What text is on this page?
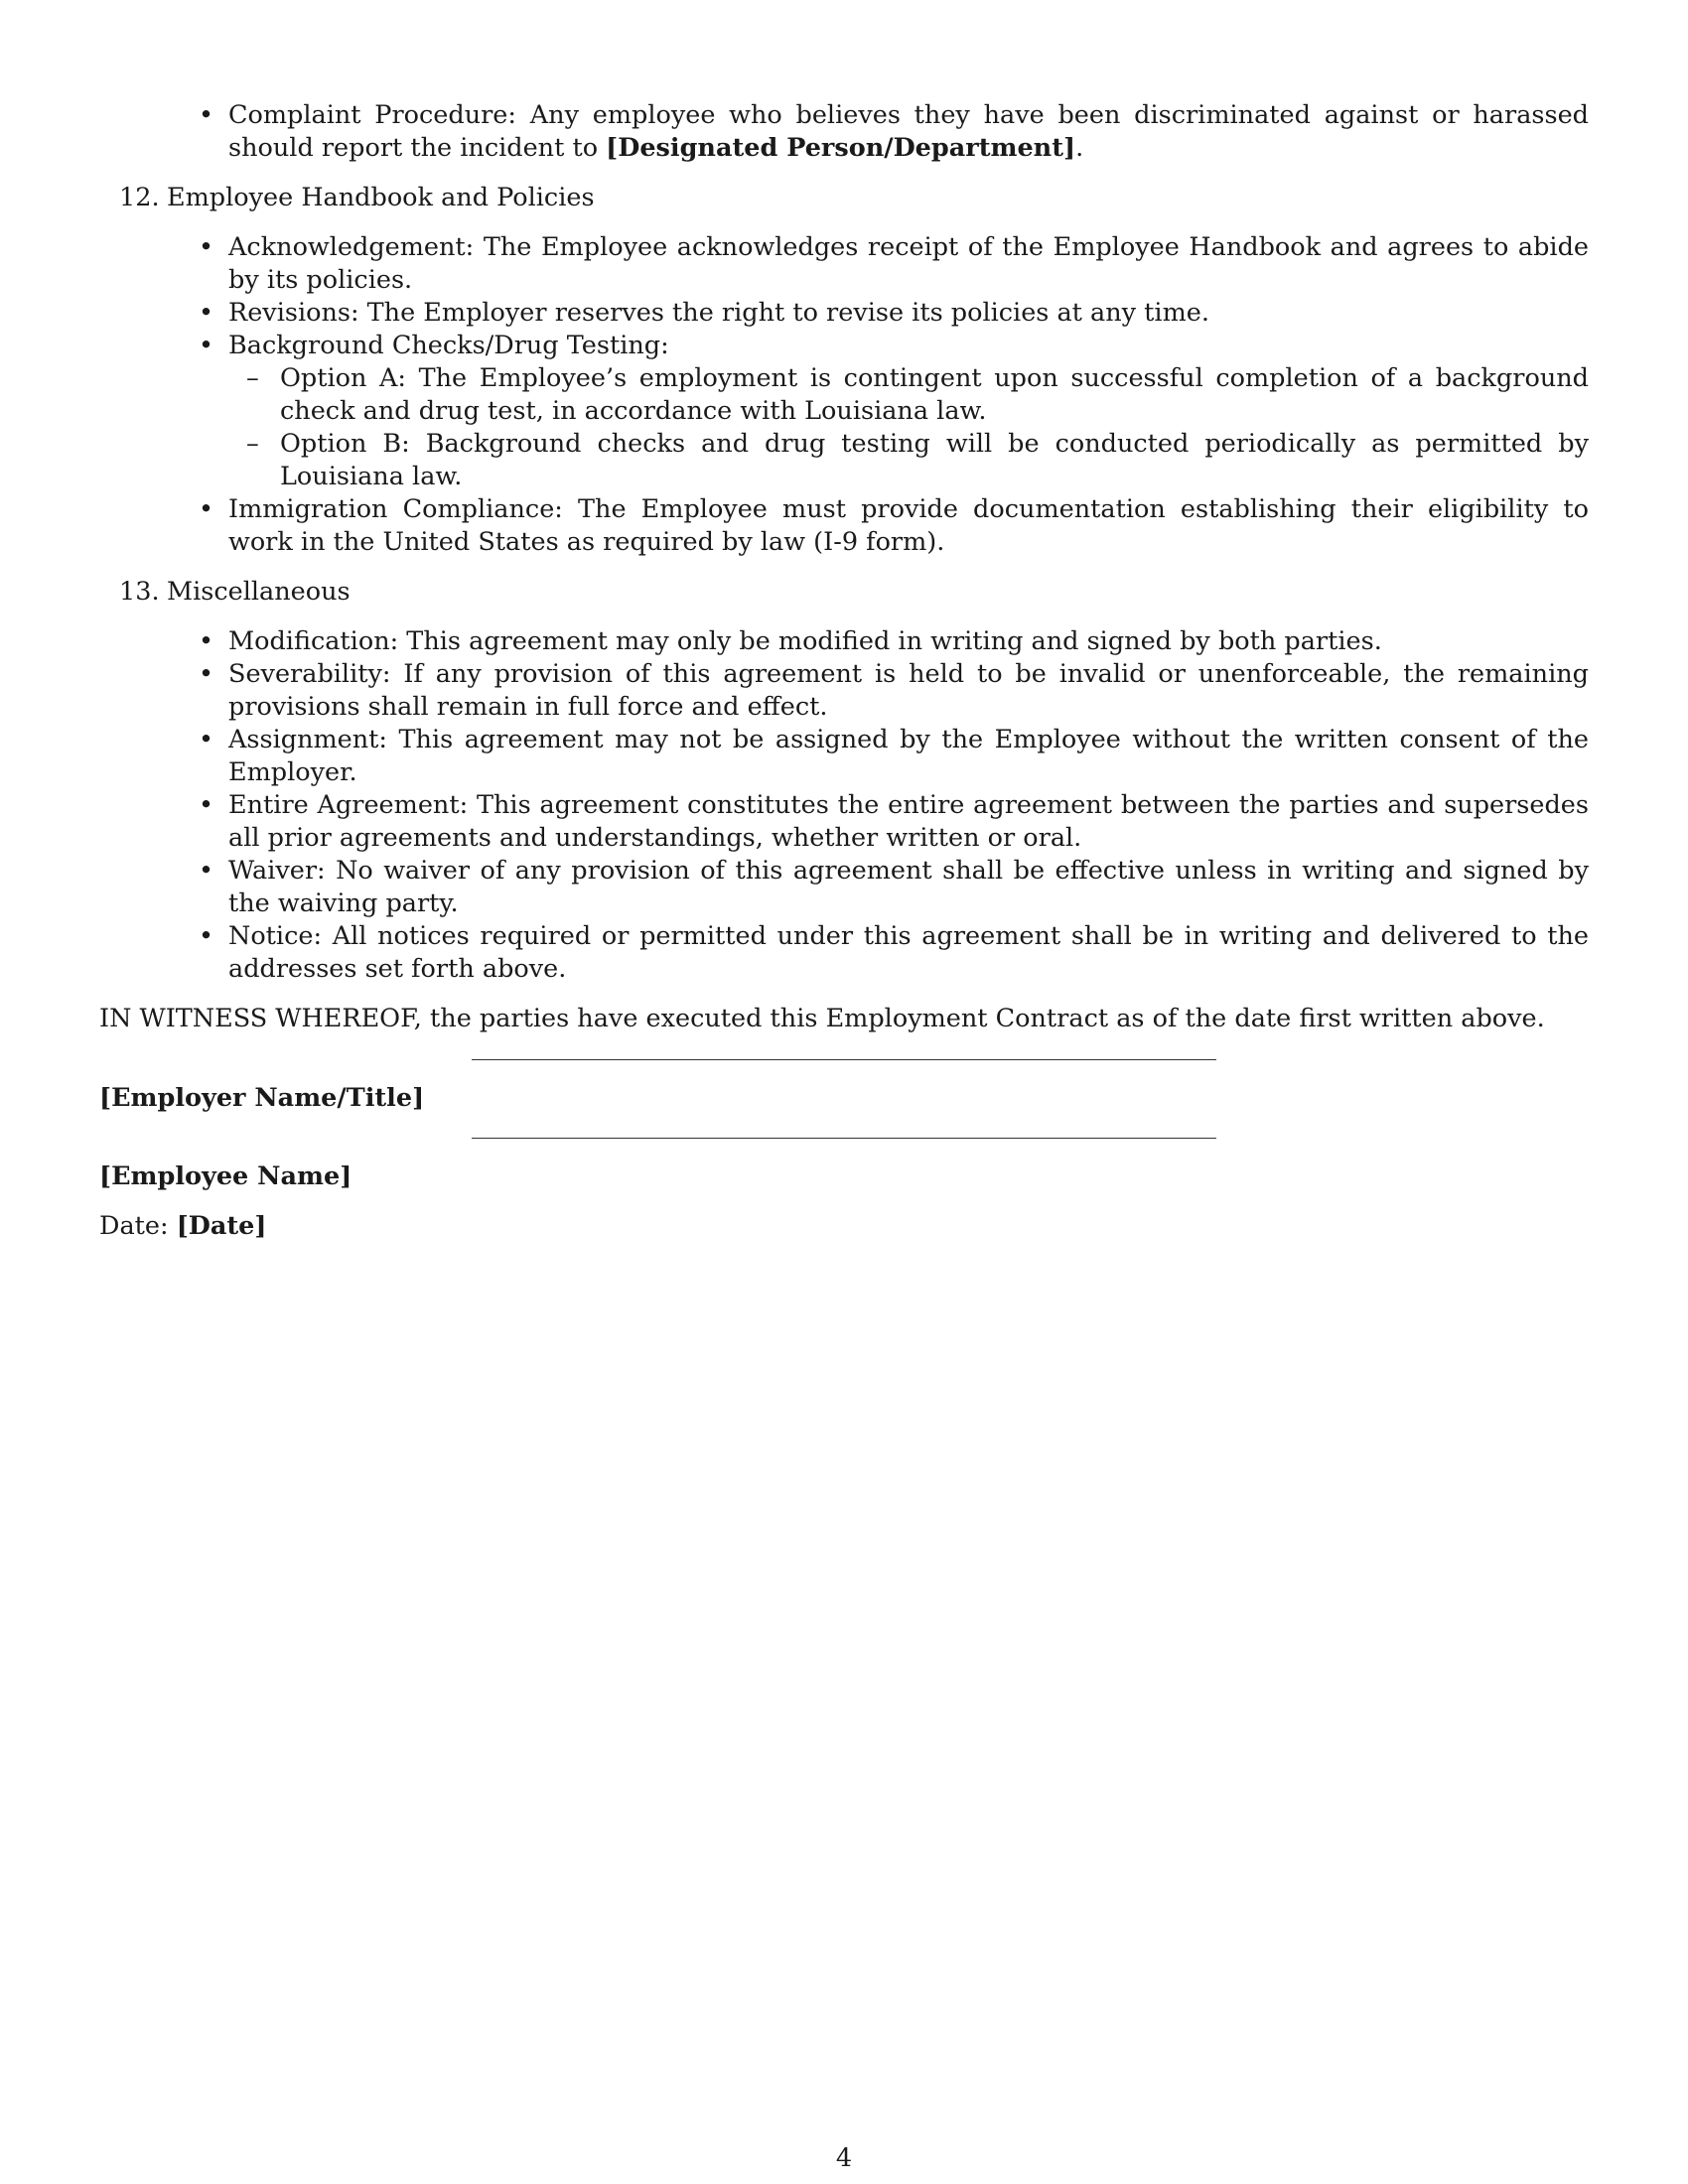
• Complaint Procedure: Any employee who believes they have been discriminated against or harassed should report the incident to [Designated Person/Department].
12. Employee Handbook and Policies
• Acknowledgement: The Employee acknowledges receipt of the Employee Handbook and agrees to abide by its policies.
• Revisions: The Employer reserves the right to revise its policies at any time.
• Background Checks/Drug Testing:
– Option A: The Employee’s employment is contingent upon successful completion of a background check and drug test, in accordance with Louisiana law.
– Option B: Background checks and drug testing will be conducted periodically as permitted by Louisiana law.
• Immigration Compliance: The Employee must provide documentation establishing their eligibility to work in the United States as required by law (I-9 form).
13. Miscellaneous
• Modification: This agreement may only be modified in writing and signed by both parties.
• Severability: If any provision of this agreement is held to be invalid or unenforceable, the remaining provisions shall remain in full force and effect.
• Assignment: This agreement may not be assigned by the Employee without the written consent of the Employer.
• Entire Agreement: This agreement constitutes the entire agreement between the parties and supersedes all prior agreements and understandings, whether written or oral.
• Waiver: No waiver of any provision of this agreement shall be effective unless in writing and signed by the waiving party.
• Notice: All notices required or permitted under this agreement shall be in writing and delivered to the addresses set forth above.
IN WITNESS WHEREOF, the parties have executed this Employment Contract as of the date first written above.
[Employer Name/Title]
[Employee Name]
Date: [Date]
4
